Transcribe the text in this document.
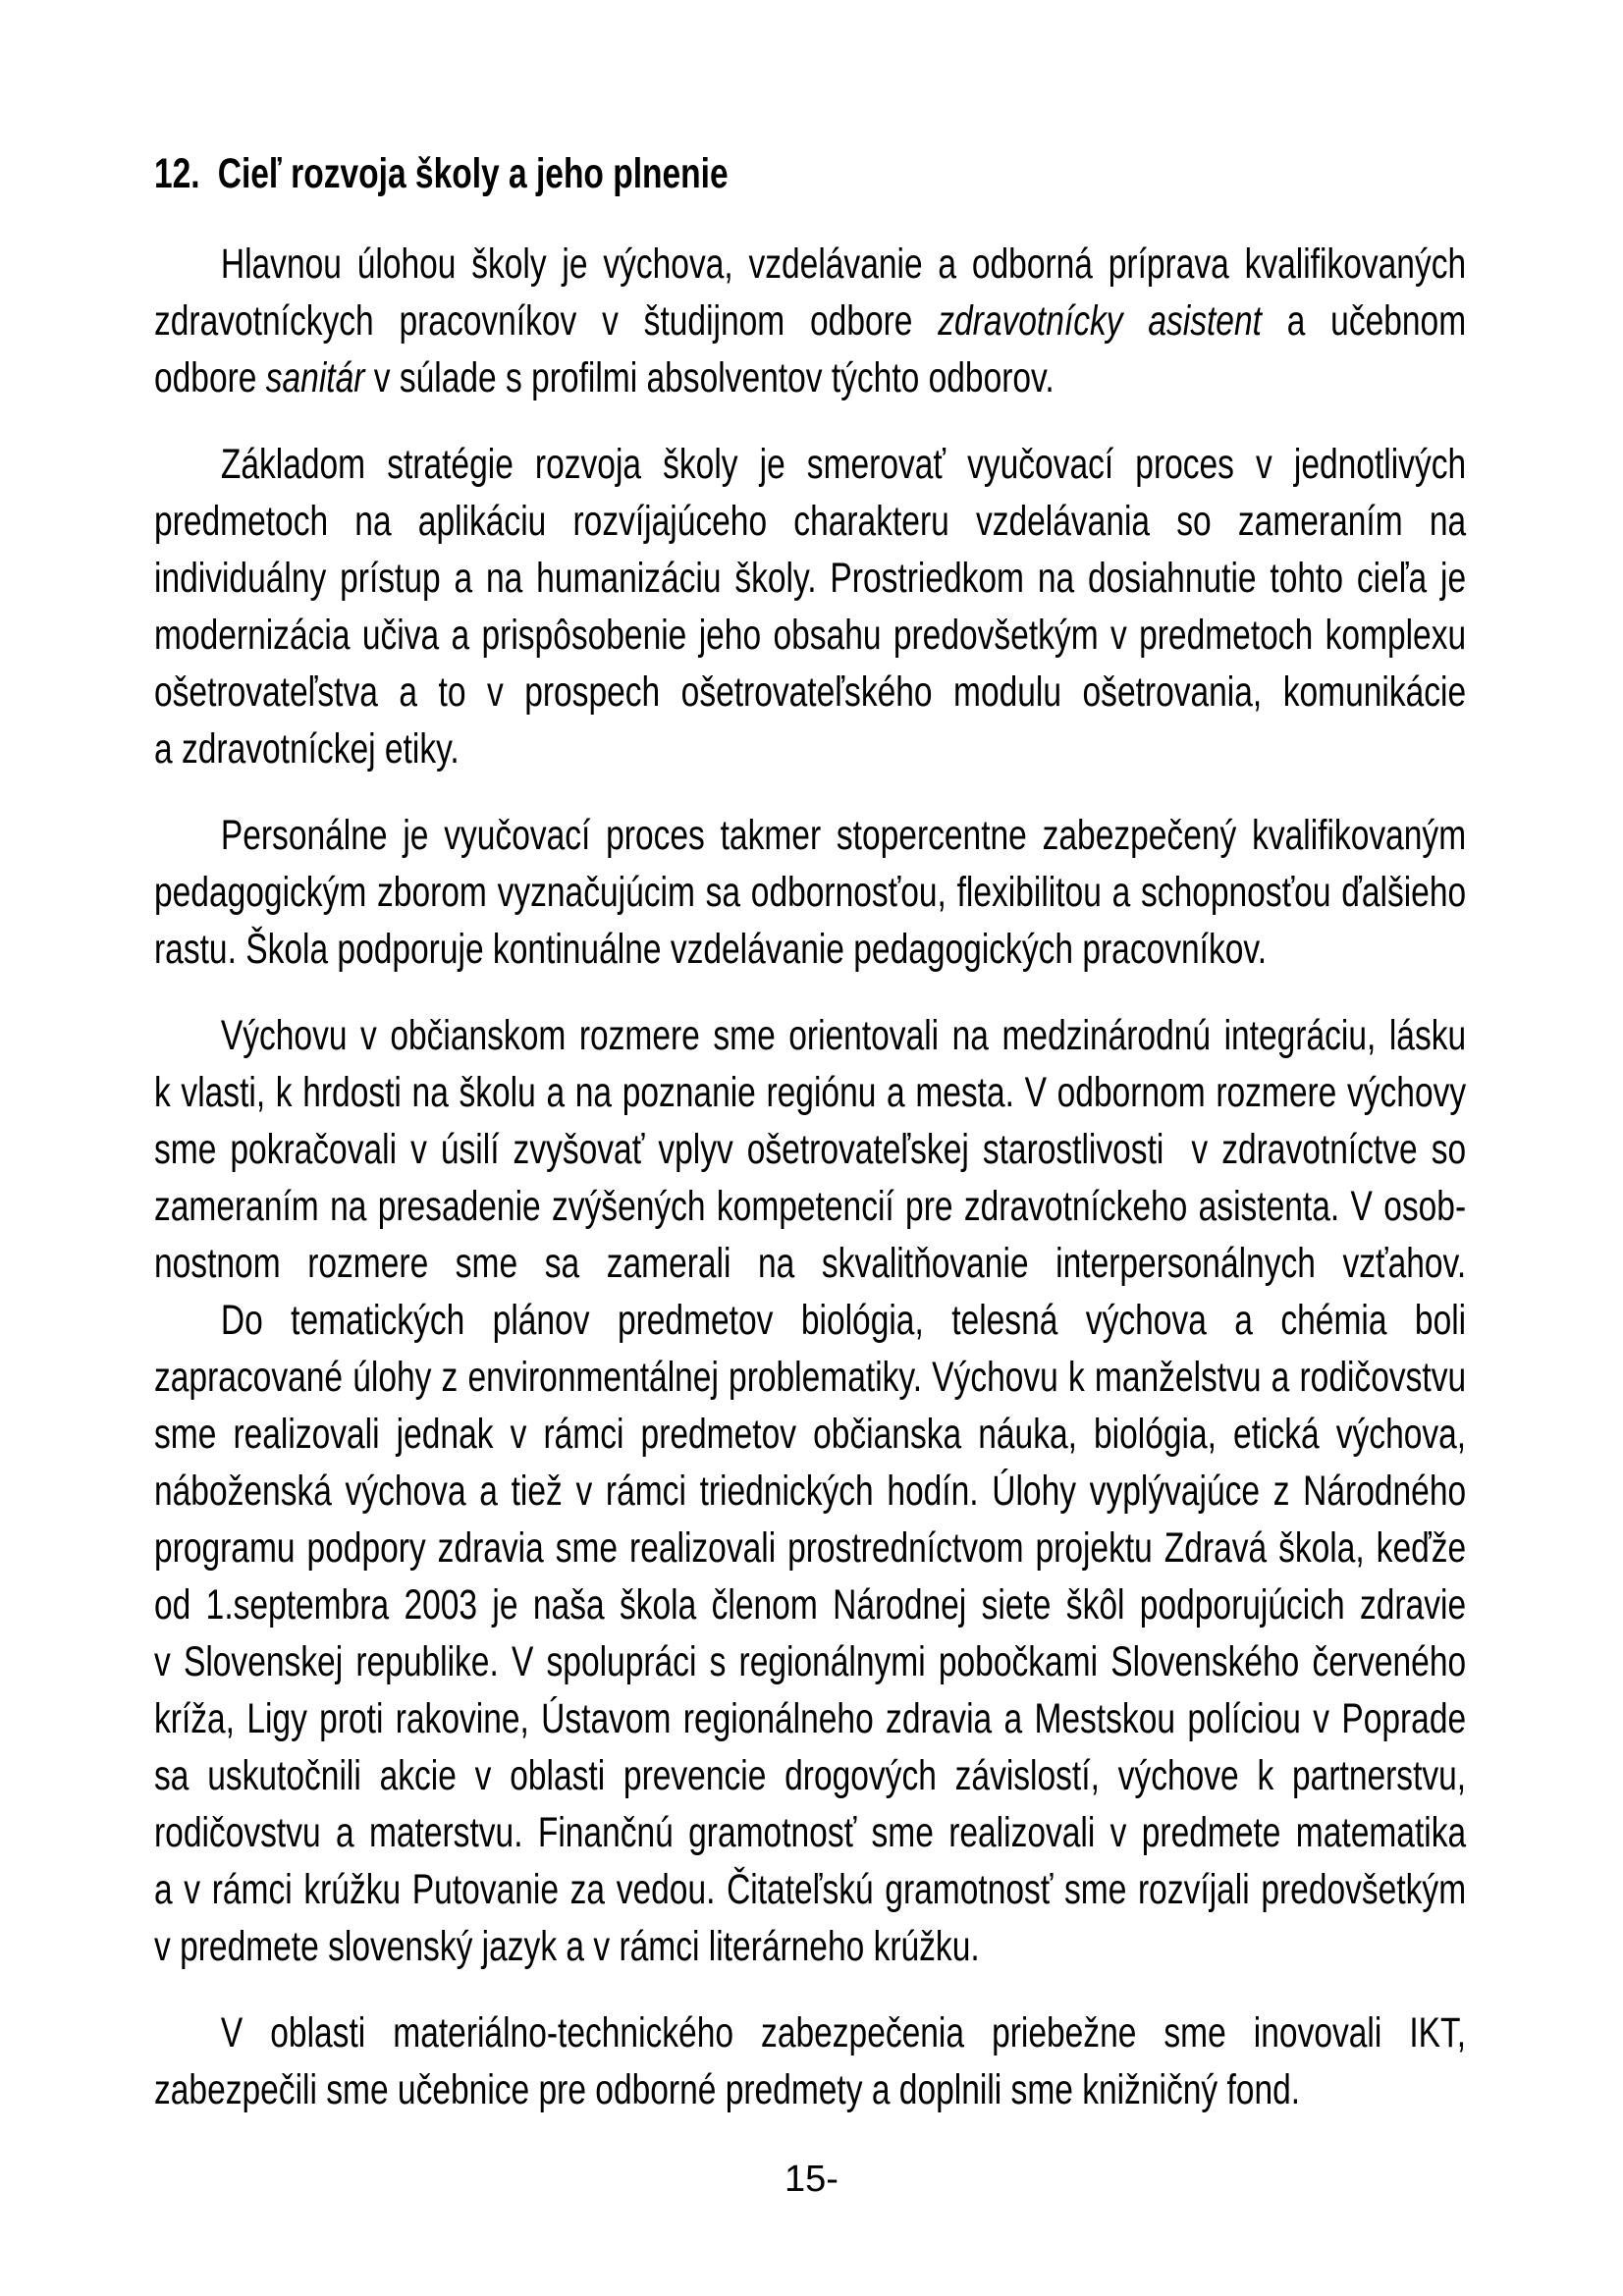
12. Cieľ rozvoja školy a jeho plnenie
Hlavnou úlohou školy je výchova, vzdelávanie a odborná príprava kvalifikovaných
zdravotníckych pracovníkov v študijnom odbore zdravotnícky asistent a učebnom
odbore sanitár v súlade s profilmi absolventov týchto odborov.
Základom stratégie rozvoja školy je smerovať vyučovací proces v jednotlivých
predmetoch na aplikáciu rozvíjajúceho charakteru vzdelávania so zameraním na
individuálny prístup a na humanizáciu školy. Prostriedkom na dosiahnutie tohto cieľa je
modernizácia učiva a prispôsobenie jeho obsahu predovšetkým v predmetoch komplexu
ošetrovateľstva a to v prospech ošetrovateľského modulu ošetrovania, komunikácie
a zdravotníckej etiky.
Personálne je vyučovací proces takmer stopercentne zabezpečený kvalifikovaným
pedagogickým zborom vyznačujúcim sa odbornosťou, flexibilitou a schopnosťou ďalšieho
rastu. Škola podporuje kontinuálne vzdelávanie pedagogických pracovníkov.
Výchovu v občianskom rozmere sme orientovali na medzinárodnú integráciu, lásku
k vlasti, k hrdosti na školu a na poznanie regiónu a mesta. V odbornom rozmere výchovy
sme pokračovali v úsilí zvyšovať vplyv ošetrovateľskej starostlivosti  v zdravotníctve so
zameraním na presadenie zvýšených kompetencií pre zdravotníckeho asistenta. V osob-
nostnom rozmere sme sa zamerali na skvalitňovanie interpersonálnych vzťahov.
Do tematických plánov predmetov biológia, telesná výchova a chémia boli
zapracované úlohy z environmentálnej problematiky. Výchovu k manželstvu a rodičovstvu
sme realizovali jednak v rámci predmetov občianska náuka, biológia, etická výchova,
náboženská výchova a tiež v rámci triednických hodín. Úlohy vyplývajúce z Národného
programu podpory zdravia sme realizovali prostredníctvom projektu Zdravá škola, keďže
od 1.septembra 2003 je naša škola členom Národnej siete škôl podporujúcich zdravie
v Slovenskej republike. V spolupráci s regionálnymi pobočkami Slovenského červeného
kríža, Ligy proti rakovine, Ústavom regionálneho zdravia a Mestskou políciou v Poprade
sa uskutočnili akcie v oblasti prevencie drogových závislostí, výchove k partnerstvu,
rodičovstvu a materstvu. Finančnú gramotnosť sme realizovali v predmete matematika
a v rámci krúžku Putovanie za vedou. Čitateľskú gramotnosť sme rozvíjali predovšetkým
v predmete slovenský jazyk a v rámci literárneho krúžku.
V oblasti materiálno-technického zabezpečenia priebežne sme inovovali IKT,
zabezpečili sme učebnice pre odborné predmety a doplnili sme knižničný fond.
15-
